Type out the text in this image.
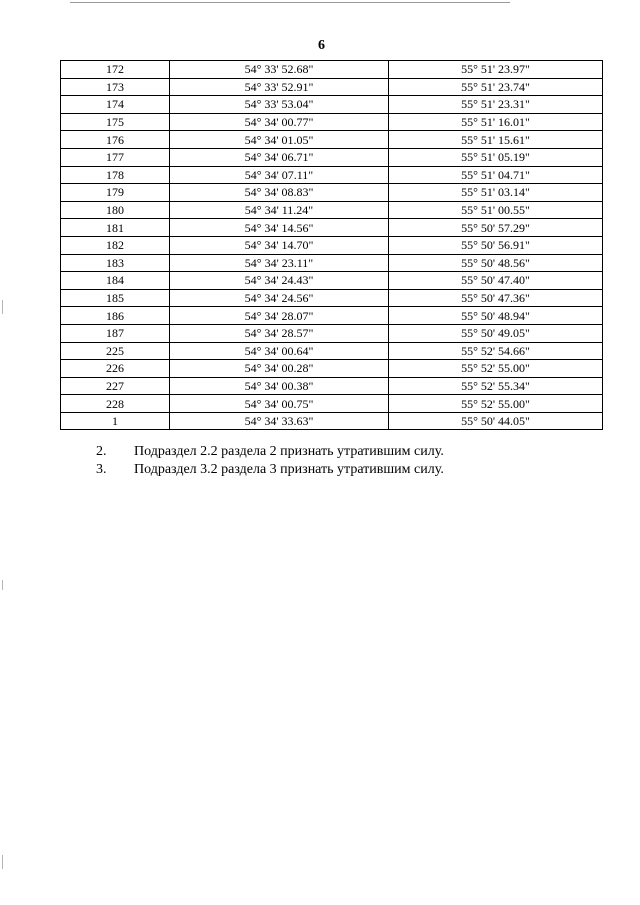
6
172	54° 33' 52.68"	55° 51' 23.97"
173	54° 33' 52.91"	55° 51' 23.74"
174	54° 33' 53.04"	55° 51' 23.31"
175	54° 34' 00.77"	55° 51' 16.01"
176	54° 34' 01.05"	55° 51' 15.61"
177	54° 34' 06.71"	55° 51' 05.19"
178	54° 34' 07.11"	55° 51' 04.71"
179	54° 34' 08.83"	55° 51' 03.14"
180	54° 34' 11.24"	55° 51' 00.55"
181	54° 34' 14.56"	55° 50' 57.29"
182	54° 34' 14.70"	55° 50' 56.91"
183	54° 34' 23.11"	55° 50' 48.56"
184	54° 34' 24.43"	55° 50' 47.40"
185	54° 34' 24.56"	55° 50' 47.36"
186	54° 34' 28.07"	55° 50' 48.94"
187	54° 34' 28.57"	55° 50' 49.05"
225	54° 34' 00.64"	55° 52' 54.66"
226	54° 34' 00.28"	55° 52' 55.00"
227	54° 34' 00.38"	55° 52' 55.34"
228	54° 34' 00.75"	55° 52' 55.00"
1	54° 34' 33.63"	55° 50' 44.05"
2.	Подраздел 2.2 раздела 2 признать утратившим силу.
3.	Подраздел 3.2 раздела 3 признать утратившим силу.
